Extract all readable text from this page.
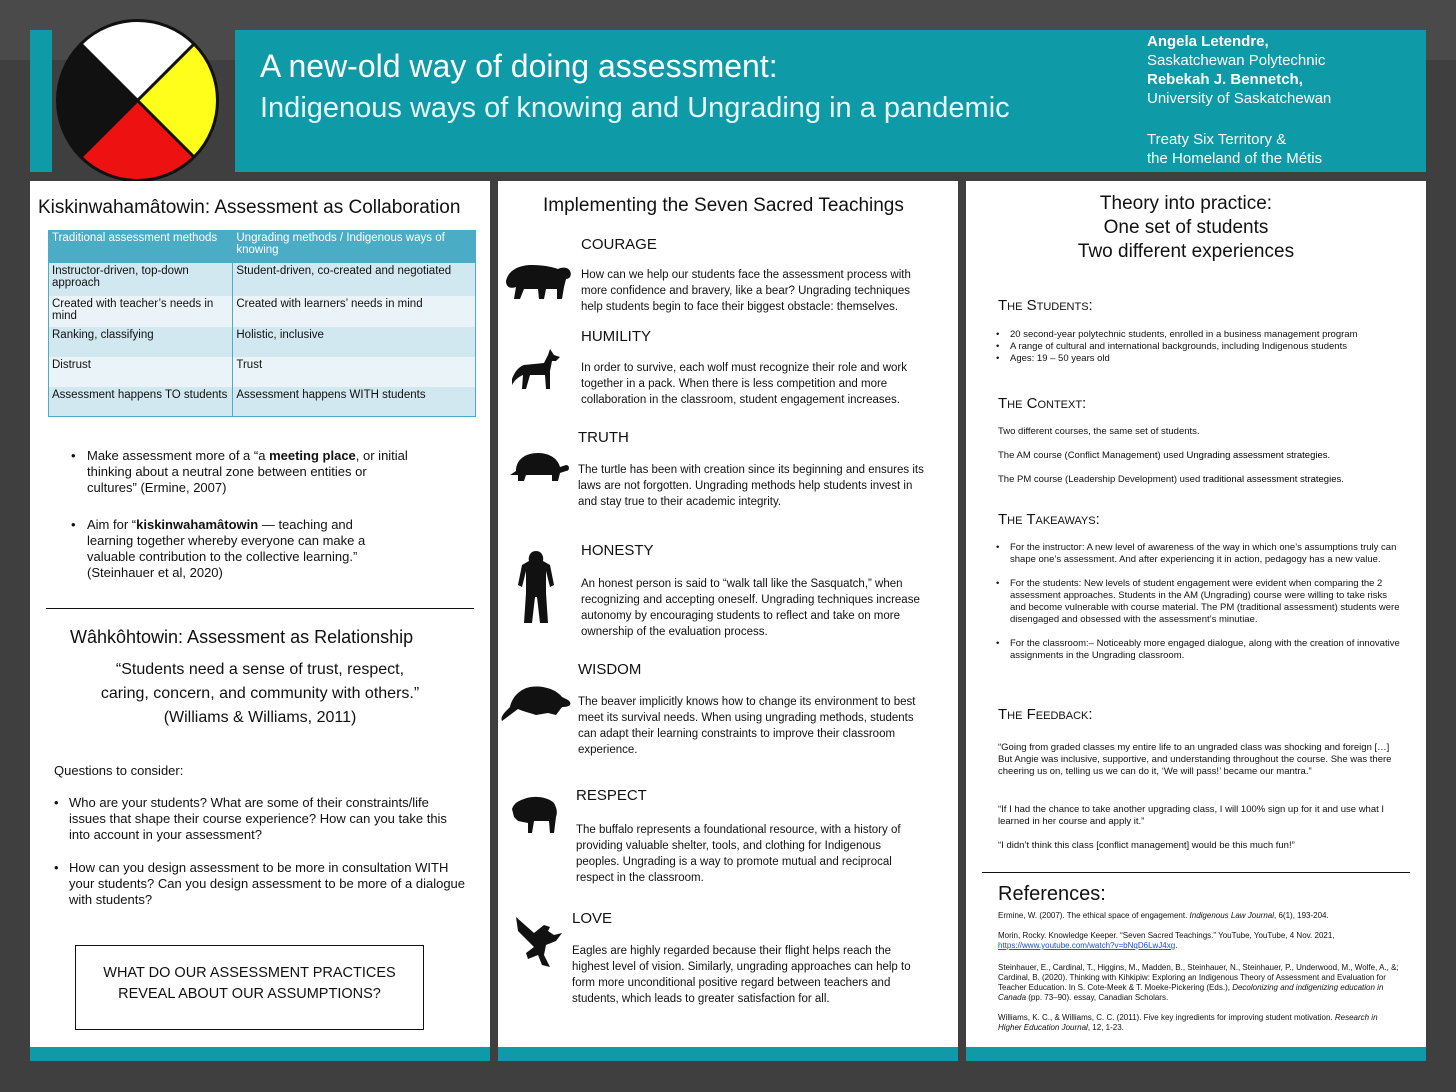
A new-old way of doing assessment:
Indigenous ways of knowing and Ungrading in a pandemic
Angela Letendre,
Saskatchewan Polytechnic
Rebekah J. Bennetch,
University of Saskatchewan
Treaty Six Territory &
the Homeland of the Métis
Kiskinwahamâtowin: Assessment as Collaboration
Traditional assessment methods	Ungrading methods / Indigenous ways of knowing
Instructor-driven, top-down approach	Student-driven, co-created and negotiated
Created with teacher’s needs in mind	Created with learners’ needs in mind
Ranking, classifying	Holistic, inclusive
Distrust	Trust
Assessment happens TO students	Assessment happens WITH students
• Make assessment more of a “a meeting place, or initial thinking about a neutral zone between entities or cultures” (Ermine, 2007)
• Aim for “kiskinwahamâtowin — teaching and learning together whereby everyone can make a valuable contribution to the collective learning.” (Steinhauer et al, 2020)
Wâhkôhtowin: Assessment as Relationship
“Students need a sense of trust, respect,
caring, concern, and community with others.”
(Williams & Williams, 2011)
Questions to consider:
• Who are your students? What are some of their constraints/life issues that shape their course experience? How can you take this into account in your assessment?
• How can you design assessment to be more in consultation WITH your students? Can you design assessment to be more of a dialogue with students?
WHAT DO OUR ASSESSMENT PRACTICES
REVEAL ABOUT OUR ASSUMPTIONS?
Implementing the Seven Sacred Teachings
COURAGE
How can we help our students face the assessment process with more confidence and bravery, like a bear? Ungrading techniques help students begin to face their biggest obstacle: themselves.
HUMILITY
In order to survive, each wolf must recognize their role and work together in a pack. When there is less competition and more collaboration in the classroom, student engagement increases.
TRUTH
The turtle has been with creation since its beginning and ensures its laws are not forgotten. Ungrading methods help students invest in and stay true to their academic integrity.
HONESTY
An honest person is said to “walk tall like the Sasquatch,” when recognizing and accepting oneself. Ungrading techniques increase autonomy by encouraging students to reflect and take on more ownership of the evaluation process.
WISDOM
The beaver implicitly knows how to change its environment to best meet its survival needs. When using ungrading methods, students can adapt their learning constraints to improve their classroom experience.
RESPECT
The buffalo represents a foundational resource, with a history of providing valuable shelter, tools, and clothing for Indigenous peoples. Ungrading is a way to promote mutual and reciprocal respect in the classroom.
LOVE
Eagles are highly regarded because their flight helps reach the highest level of vision. Similarly, ungrading approaches can help to form more unconditional positive regard between teachers and students, which leads to greater satisfaction for all.
Theory into practice:
One set of students
Two different experiences
The Students:
• 20 second-year polytechnic students, enrolled in a business management program
• A range of cultural and international backgrounds, including Indigenous students
• Ages: 19 – 50 years old
The Context:
Two different courses, the same set of students.
The AM course (Conflict Management) used Ungrading assessment strategies.
The PM course (Leadership Development) used traditional assessment strategies.
The Takeaways:
• For the instructor: A new level of awareness of the way in which one’s assumptions truly can shape one’s assessment. And after experiencing it in action, pedagogy has a new value.
• For the students: New levels of student engagement were evident when comparing the 2 assessment approaches. Students in the AM (Ungrading) course were willing to take risks and become vulnerable with course material. The PM (traditional assessment) students were disengaged and obsessed with the assessment’s minutiae.
• For the classroom:– Noticeably more engaged dialogue, along with the creation of innovative assignments in the Ungrading classroom.
The Feedback:
“Going from graded classes my entire life to an ungraded class was shocking and foreign […] But Angie was inclusive, supportive, and understanding throughout the course. She was there cheering us on, telling us we can do it, ‘We will pass!’ became our mantra.”
“If I had the chance to take another upgrading class, I will 100% sign up for it and use what I learned in her course and apply it.”
“I didn’t think this class [conflict management] would be this much fun!”
References:
Ermine, W. (2007). The ethical space of engagement. Indigenous Law Journal, 6(1), 193-204.
Morin, Rocky. Knowledge Keeper. “Seven Sacred Teachings.” YouTube, YouTube, 4 Nov. 2021, https://www.youtube.com/watch?v=bNqD6LwJ4xg.
Steinhauer, E., Cardinal, T., Higgins, M., Madden, B., Steinhauer, N., Steinhauer, P., Underwood, M., Wolfe, A., &; Cardinal, B. (2020). Thinking with Kihkipiw: Exploring an Indigenous Theory of Assessment and Evaluation for Teacher Education. In S. Cote-Meek & T. Moeke-Pickering (Eds.), Decolonizing and indigenizing education in Canada (pp. 73–90). essay, Canadian Scholars.
Williams, K. C., & Williams, C. C. (2011). Five key ingredients for improving student motivation. Research in Higher Education Journal, 12, 1-23.
